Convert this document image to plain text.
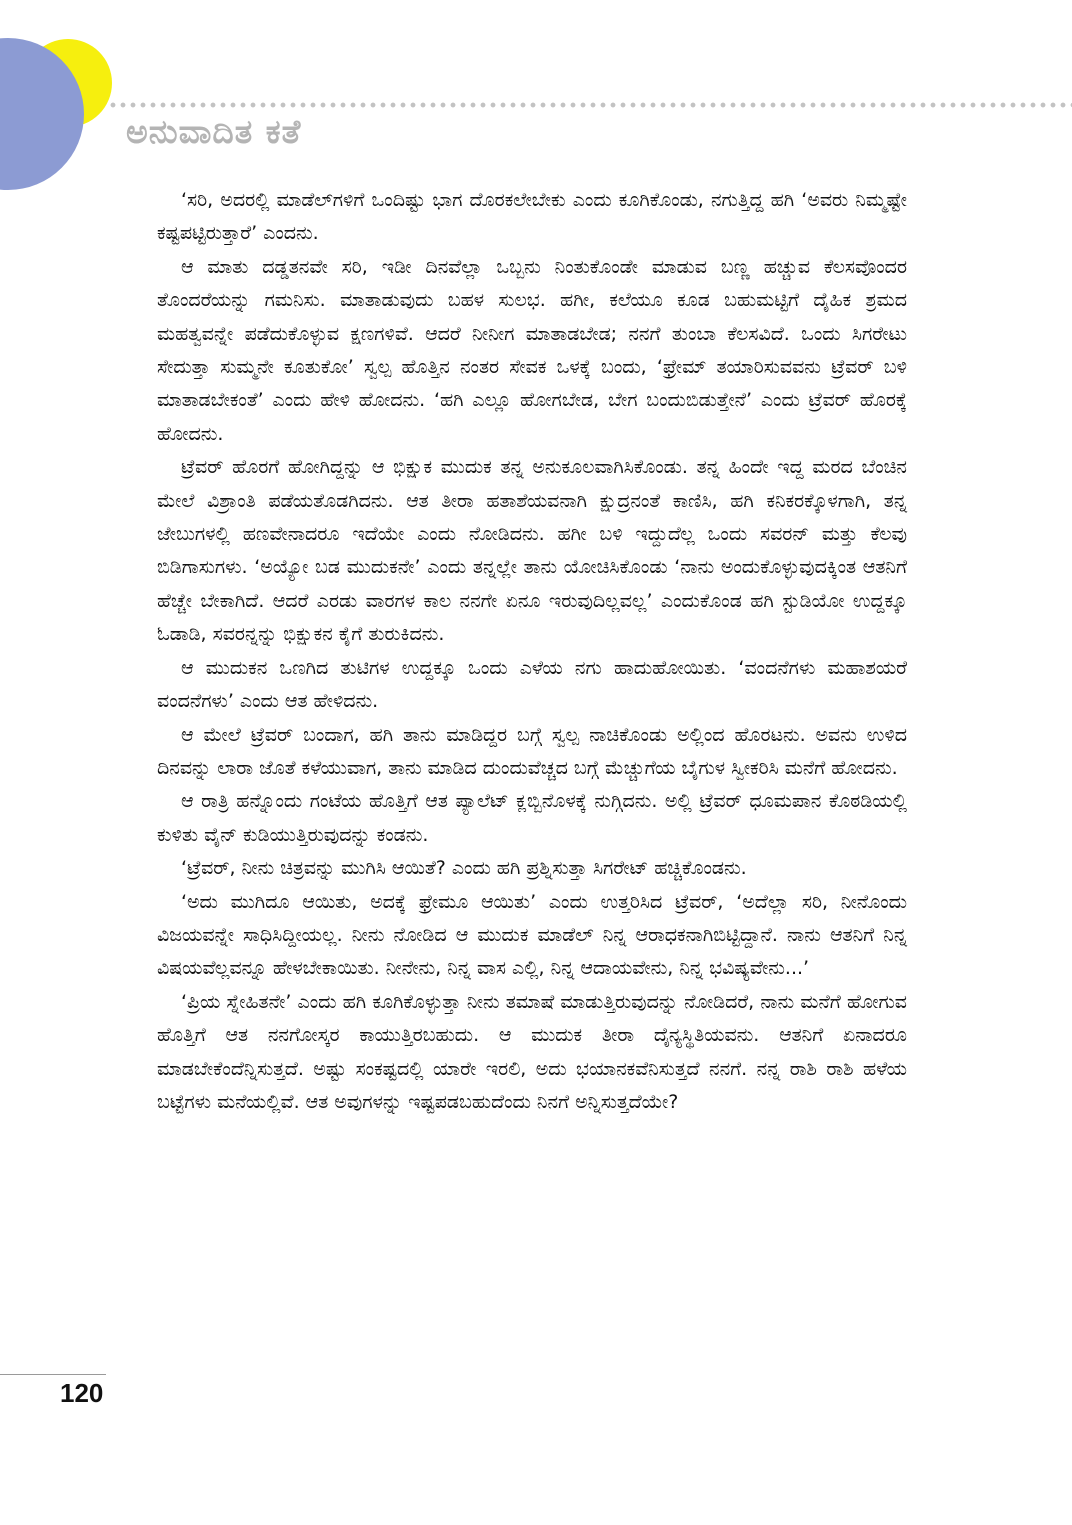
ಅನುವಾದಿತ ಕತೆ

‘ಸರಿ, ಅದರಲ್ಲಿ ಮಾಡೆಲ್‌ಗಳಿಗೆ ಒಂದಿಷ್ಟು ಭಾಗ ದೊರಕಲೇಬೇಕು ಎಂದು ಕೂಗಿಕೊಂಡು, ನಗುತ್ತಿದ್ದ ಹಗಿ ‘ಅವರು ನಿಮ್ಮಷ್ಟೇ ಕಷ್ಟಪಟ್ಟಿರುತ್ತಾರೆ’ ಎಂದನು.

ಆ ಮಾತು ದಡ್ಡತನವೇ ಸರಿ, ಇಡೀ ದಿನವೆಲ್ಲಾ ಒಬ್ಬನು ನಿಂತುಕೊಂಡೇ ಮಾಡುವ ಬಣ್ಣ ಹಚ್ಚುವ ಕೆಲಸವೊಂದರ ತೊಂದರೆಯನ್ನು ಗಮನಿಸು. ಮಾತಾಡುವುದು ಬಹಳ ಸುಲಭ. ಹಗೀ, ಕಲೆಯೂ ಕೂಡ ಬಹುಮಟ್ಟಿಗೆ ದೈಹಿಕ ಶ್ರಮದ ಮಹತ್ವವನ್ನೇ ಪಡೆದುಕೊಳ್ಳುವ ಕ್ಷಣಗಳಿವೆ. ಆದರೆ ನೀನೀಗ ಮಾತಾಡಬೇಡ; ನನಗೆ ತುಂಬಾ ಕೆಲಸವಿದೆ. ಒಂದು ಸಿಗರೇಟು ಸೇದುತ್ತಾ ಸುಮ್ಮನೇ ಕೂತುಕೋ’ ಸ್ವಲ್ಪ ಹೊತ್ತಿನ ನಂತರ ಸೇವಕ ಒಳಕ್ಕೆ ಬಂದು, ‘ಫ್ರೇಮ್ ತಯಾರಿಸುವವನು ಟ್ರೆವರ್ ಬಳಿ ಮಾತಾಡಬೇಕಂತೆ’ ಎಂದು ಹೇಳಿ ಹೋದನು. ‘ಹಗಿ ಎಲ್ಲೂ ಹೋಗಬೇಡ, ಬೇಗ ಬಂದುಬಿಡುತ್ತೇನೆ’ ಎಂದು ಟ್ರೆವರ್ ಹೊರಕ್ಕೆ ಹೋದನು.

ಟ್ರೆವರ್ ಹೊರಗೆ ಹೋಗಿದ್ದನ್ನು ಆ ಭಿಕ್ಷುಕ ಮುದುಕ ತನ್ನ ಅನುಕೂಲವಾಗಿಸಿಕೊಂಡು. ತನ್ನ ಹಿಂದೇ ಇದ್ದ ಮರದ ಬೆಂಚಿನ ಮೇಲೆ ವಿಶ್ರಾಂತಿ ಪಡೆಯತೊಡಗಿದನು. ಆತ ತೀರಾ ಹತಾಶೆಯವನಾಗಿ ಕ್ಷುದ್ರನಂತೆ ಕಾಣಿಸಿ, ಹಗಿ ಕನಿಕರಕ್ಕೊಳಗಾಗಿ, ತನ್ನ ಜೇಬುಗಳಲ್ಲಿ ಹಣವೇನಾದರೂ ಇದೆಯೇ ಎಂದು ನೋಡಿದನು. ಹಗೀ ಬಳಿ ಇದ್ದುದೆಲ್ಲ ಒಂದು ಸವರನ್ ಮತ್ತು ಕೆಲವು ಬಿಡಿಗಾಸುಗಳು. ‘ಅಯ್ಯೋ ಬಡ ಮುದುಕನೇ’ ಎಂದು ತನ್ನಲ್ಲೇ ತಾನು ಯೋಚಿಸಿಕೊಂಡು ‘ನಾನು ಅಂದುಕೊಳ್ಳುವುದಕ್ಕಿಂತ ಆತನಿಗೆ ಹೆಚ್ಚೇ ಬೇಕಾಗಿದೆ. ಆದರೆ ಎರಡು ವಾರಗಳ ಕಾಲ ನನಗೇ ಏನೂ ಇರುವುದಿಲ್ಲವಲ್ಲ’ ಎಂದುಕೊಂಡ ಹಗಿ ಸ್ಟುಡಿಯೋ ಉದ್ದಕ್ಕೂ ಓಡಾಡಿ, ಸವರನ್ನನ್ನು ಭಿಕ್ಷುಕನ ಕೈಗೆ ತುರುಕಿದನು.

ಆ ಮುದುಕನ ಒಣಗಿದ ತುಟಿಗಳ ಉದ್ದಕ್ಕೂ ಒಂದು ಎಳೆಯ ನಗು ಹಾದುಹೋಯಿತು. ‘ವಂದನೆಗಳು ಮಹಾಶಯರೆ ವಂದನೆಗಳು’ ಎಂದು ಆತ ಹೇಳಿದನು.

ಆ ಮೇಲೆ ಟ್ರೆವರ್ ಬಂದಾಗ, ಹಗಿ ತಾನು ಮಾಡಿದ್ದರ ಬಗ್ಗೆ ಸ್ವಲ್ಪ ನಾಚಿಕೊಂಡು ಅಲ್ಲಿಂದ ಹೊರಟನು. ಅವನು ಉಳಿದ ದಿನವನ್ನು ಲಾರಾ ಜೊತೆ ಕಳೆಯುವಾಗ, ತಾನು ಮಾಡಿದ ದುಂದುವೆಚ್ಚದ ಬಗ್ಗೆ ಮೆಚ್ಚುಗೆಯ ಬೈಗುಳ ಸ್ವೀಕರಿಸಿ ಮನೆಗೆ ಹೋದನು.

ಆ ರಾತ್ರಿ ಹನ್ನೊಂದು ಗಂಟೆಯ ಹೊತ್ತಿಗೆ ಆತ ಪ್ಯಾಲೆಟ್ ಕ್ಲಬ್ಬಿನೊಳಕ್ಕೆ ನುಗ್ಗಿದನು. ಅಲ್ಲಿ ಟ್ರೆವರ್ ಧೂಮಪಾನ ಕೊಠಡಿಯಲ್ಲಿ ಕುಳಿತು ವೈನ್ ಕುಡಿಯುತ್ತಿರುವುದನ್ನು ಕಂಡನು.

‘ಟ್ರೆವರ್, ನೀನು ಚಿತ್ರವನ್ನು ಮುಗಿಸಿ ಆಯಿತೆ? ಎಂದು ಹಗಿ ಪ್ರಶ್ನಿಸುತ್ತಾ ಸಿಗರೇಟ್ ಹಚ್ಚಿಕೊಂಡನು.

‘ಅದು ಮುಗಿದೂ ಆಯಿತು, ಅದಕ್ಕೆ ಫ್ರೇಮೂ ಆಯಿತು’ ಎಂದು ಉತ್ತರಿಸಿದ ಟ್ರೆವರ್, ‘ಅದೆಲ್ಲಾ ಸರಿ, ನೀನೊಂದು ವಿಜಯವನ್ನೇ ಸಾಧಿಸಿದ್ದೀಯಲ್ಲ. ನೀನು ನೋಡಿದ ಆ ಮುದುಕ ಮಾಡೆಲ್ ನಿನ್ನ ಆರಾಧಕನಾಗಿಬಿಟ್ಟಿದ್ದಾನೆ. ನಾನು ಆತನಿಗೆ ನಿನ್ನ ವಿಷಯವೆಲ್ಲವನ್ನೂ ಹೇಳಬೇಕಾಯಿತು. ನೀನೇನು, ನಿನ್ನ ವಾಸ ಎಲ್ಲಿ, ನಿನ್ನ ಆದಾಯವೇನು, ನಿನ್ನ ಭವಿಷ್ಯವೇನು...’

‘ಪ್ರಿಯ ಸ್ನೇಹಿತನೇ’ ಎಂದು ಹಗಿ ಕೂಗಿಕೊಳ್ಳುತ್ತಾ ನೀನು ತಮಾಷೆ ಮಾಡುತ್ತಿರುವುದನ್ನು ನೋಡಿದರೆ, ನಾನು ಮನೆಗೆ ಹೋಗುವ ಹೊತ್ತಿಗೆ ಆತ ನನಗೋಸ್ಕರ ಕಾಯುತ್ತಿರಬಹುದು. ಆ ಮುದುಕ ತೀರಾ ದೈನ್ಯಸ್ಥಿತಿಯವನು. ಆತನಿಗೆ ಏನಾದರೂ ಮಾಡಬೇಕೆಂದೆನ್ನಿಸುತ್ತದೆ. ಅಷ್ಟು ಸಂಕಷ್ಟದಲ್ಲಿ ಯಾರೇ ಇರಲಿ, ಅದು ಭಯಾನಕವೆನಿಸುತ್ತದೆ ನನಗೆ. ನನ್ನ ರಾಶಿ ರಾಶಿ ಹಳೆಯ ಬಟ್ಟೆಗಳು ಮನೆಯಲ್ಲಿವೆ. ಆತ ಅವುಗಳನ್ನು ಇಷ್ಟಪಡಬಹುದೆಂದು ನಿನಗೆ ಅನ್ನಿಸುತ್ತದೆಯೇ?

120
